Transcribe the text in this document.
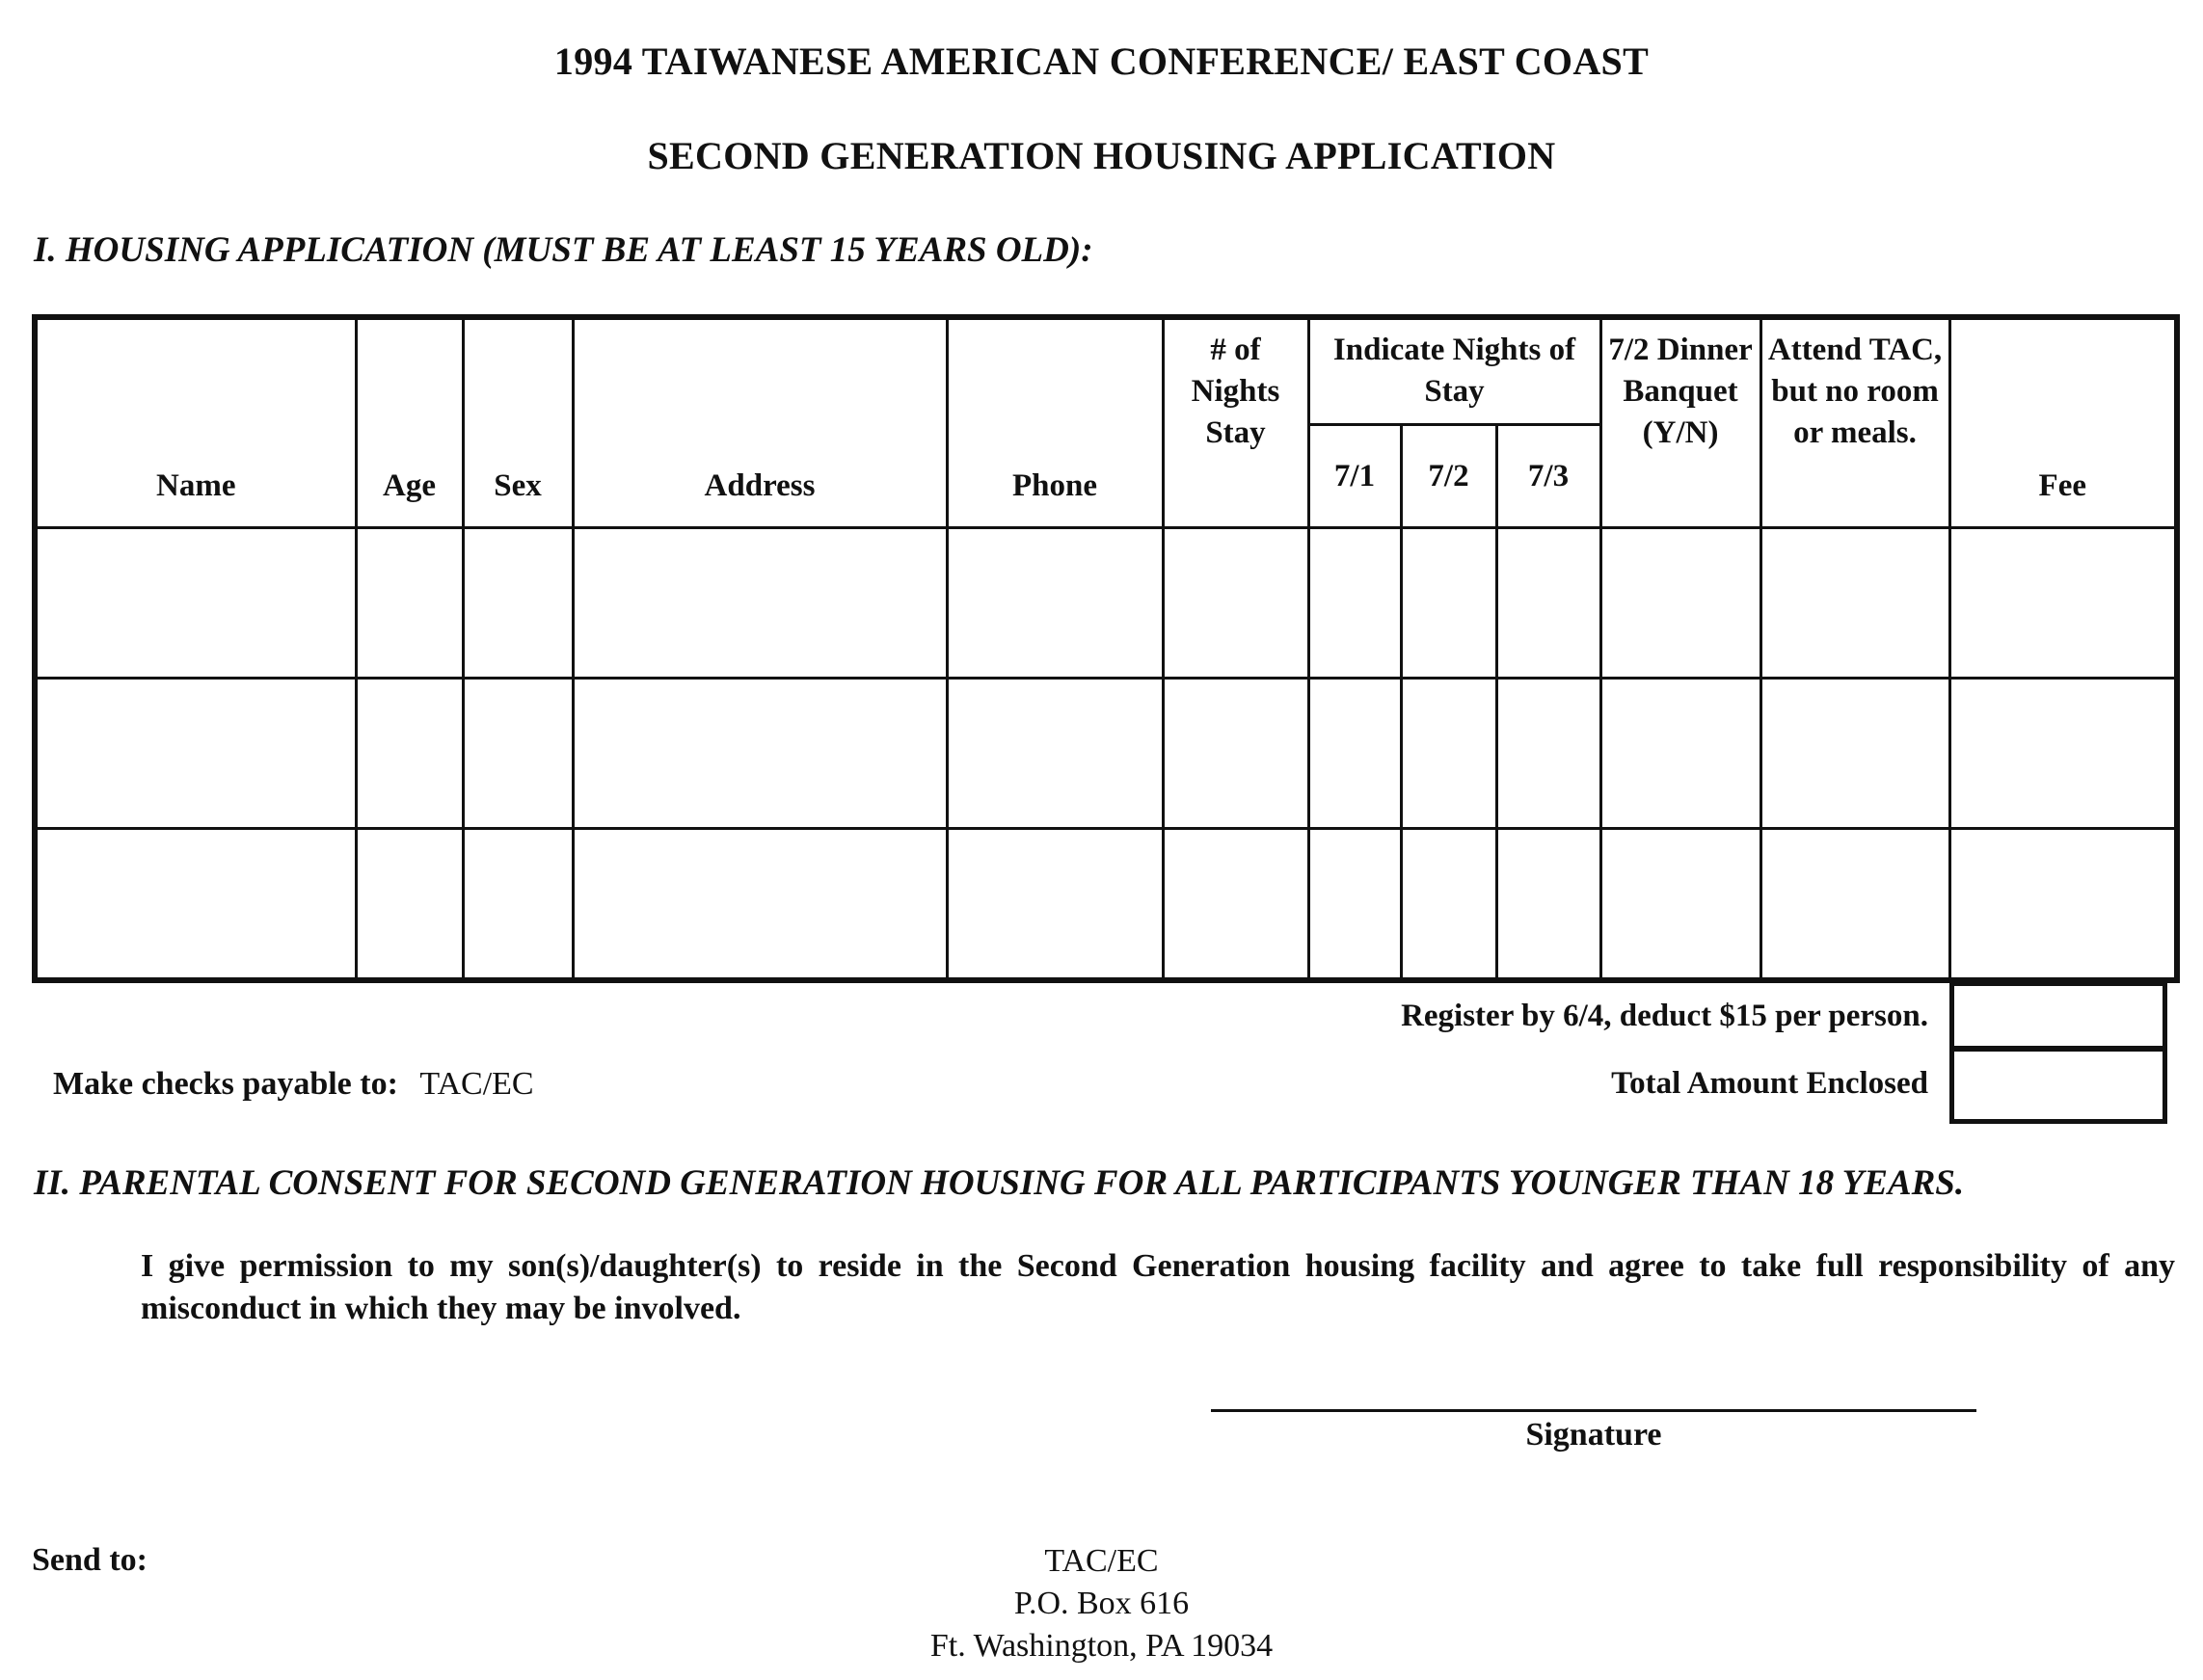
1994 TAIWANESE AMERICAN CONFERENCE/ EAST COAST
SECOND GENERATION HOUSING APPLICATION
I. HOUSING APPLICATION (MUST BE AT LEAST 15 YEARS OLD):
Name	Age	Sex	Address	Phone	# of Nights Stay	Indicate Nights of Stay			7/2 Dinner Banquet (Y/N)	Attend TAC, but no room or meals.	Fee
						7/1	7/2	7/3			

Register by 6/4, deduct $15 per person.
Total Amount Enclosed
Make checks payable to: TAC/EC
II. PARENTAL CONSENT FOR SECOND GENERATION HOUSING FOR ALL PARTICIPANTS YOUNGER THAN 18 YEARS.
I give permission to my son(s)/daughter(s) to reside in the Second Generation housing facility and agree to take full responsibility of any misconduct in which they may be involved.
Signature
Send to:	TAC/EC
P.O. Box 616
Ft. Washington, PA 19034
